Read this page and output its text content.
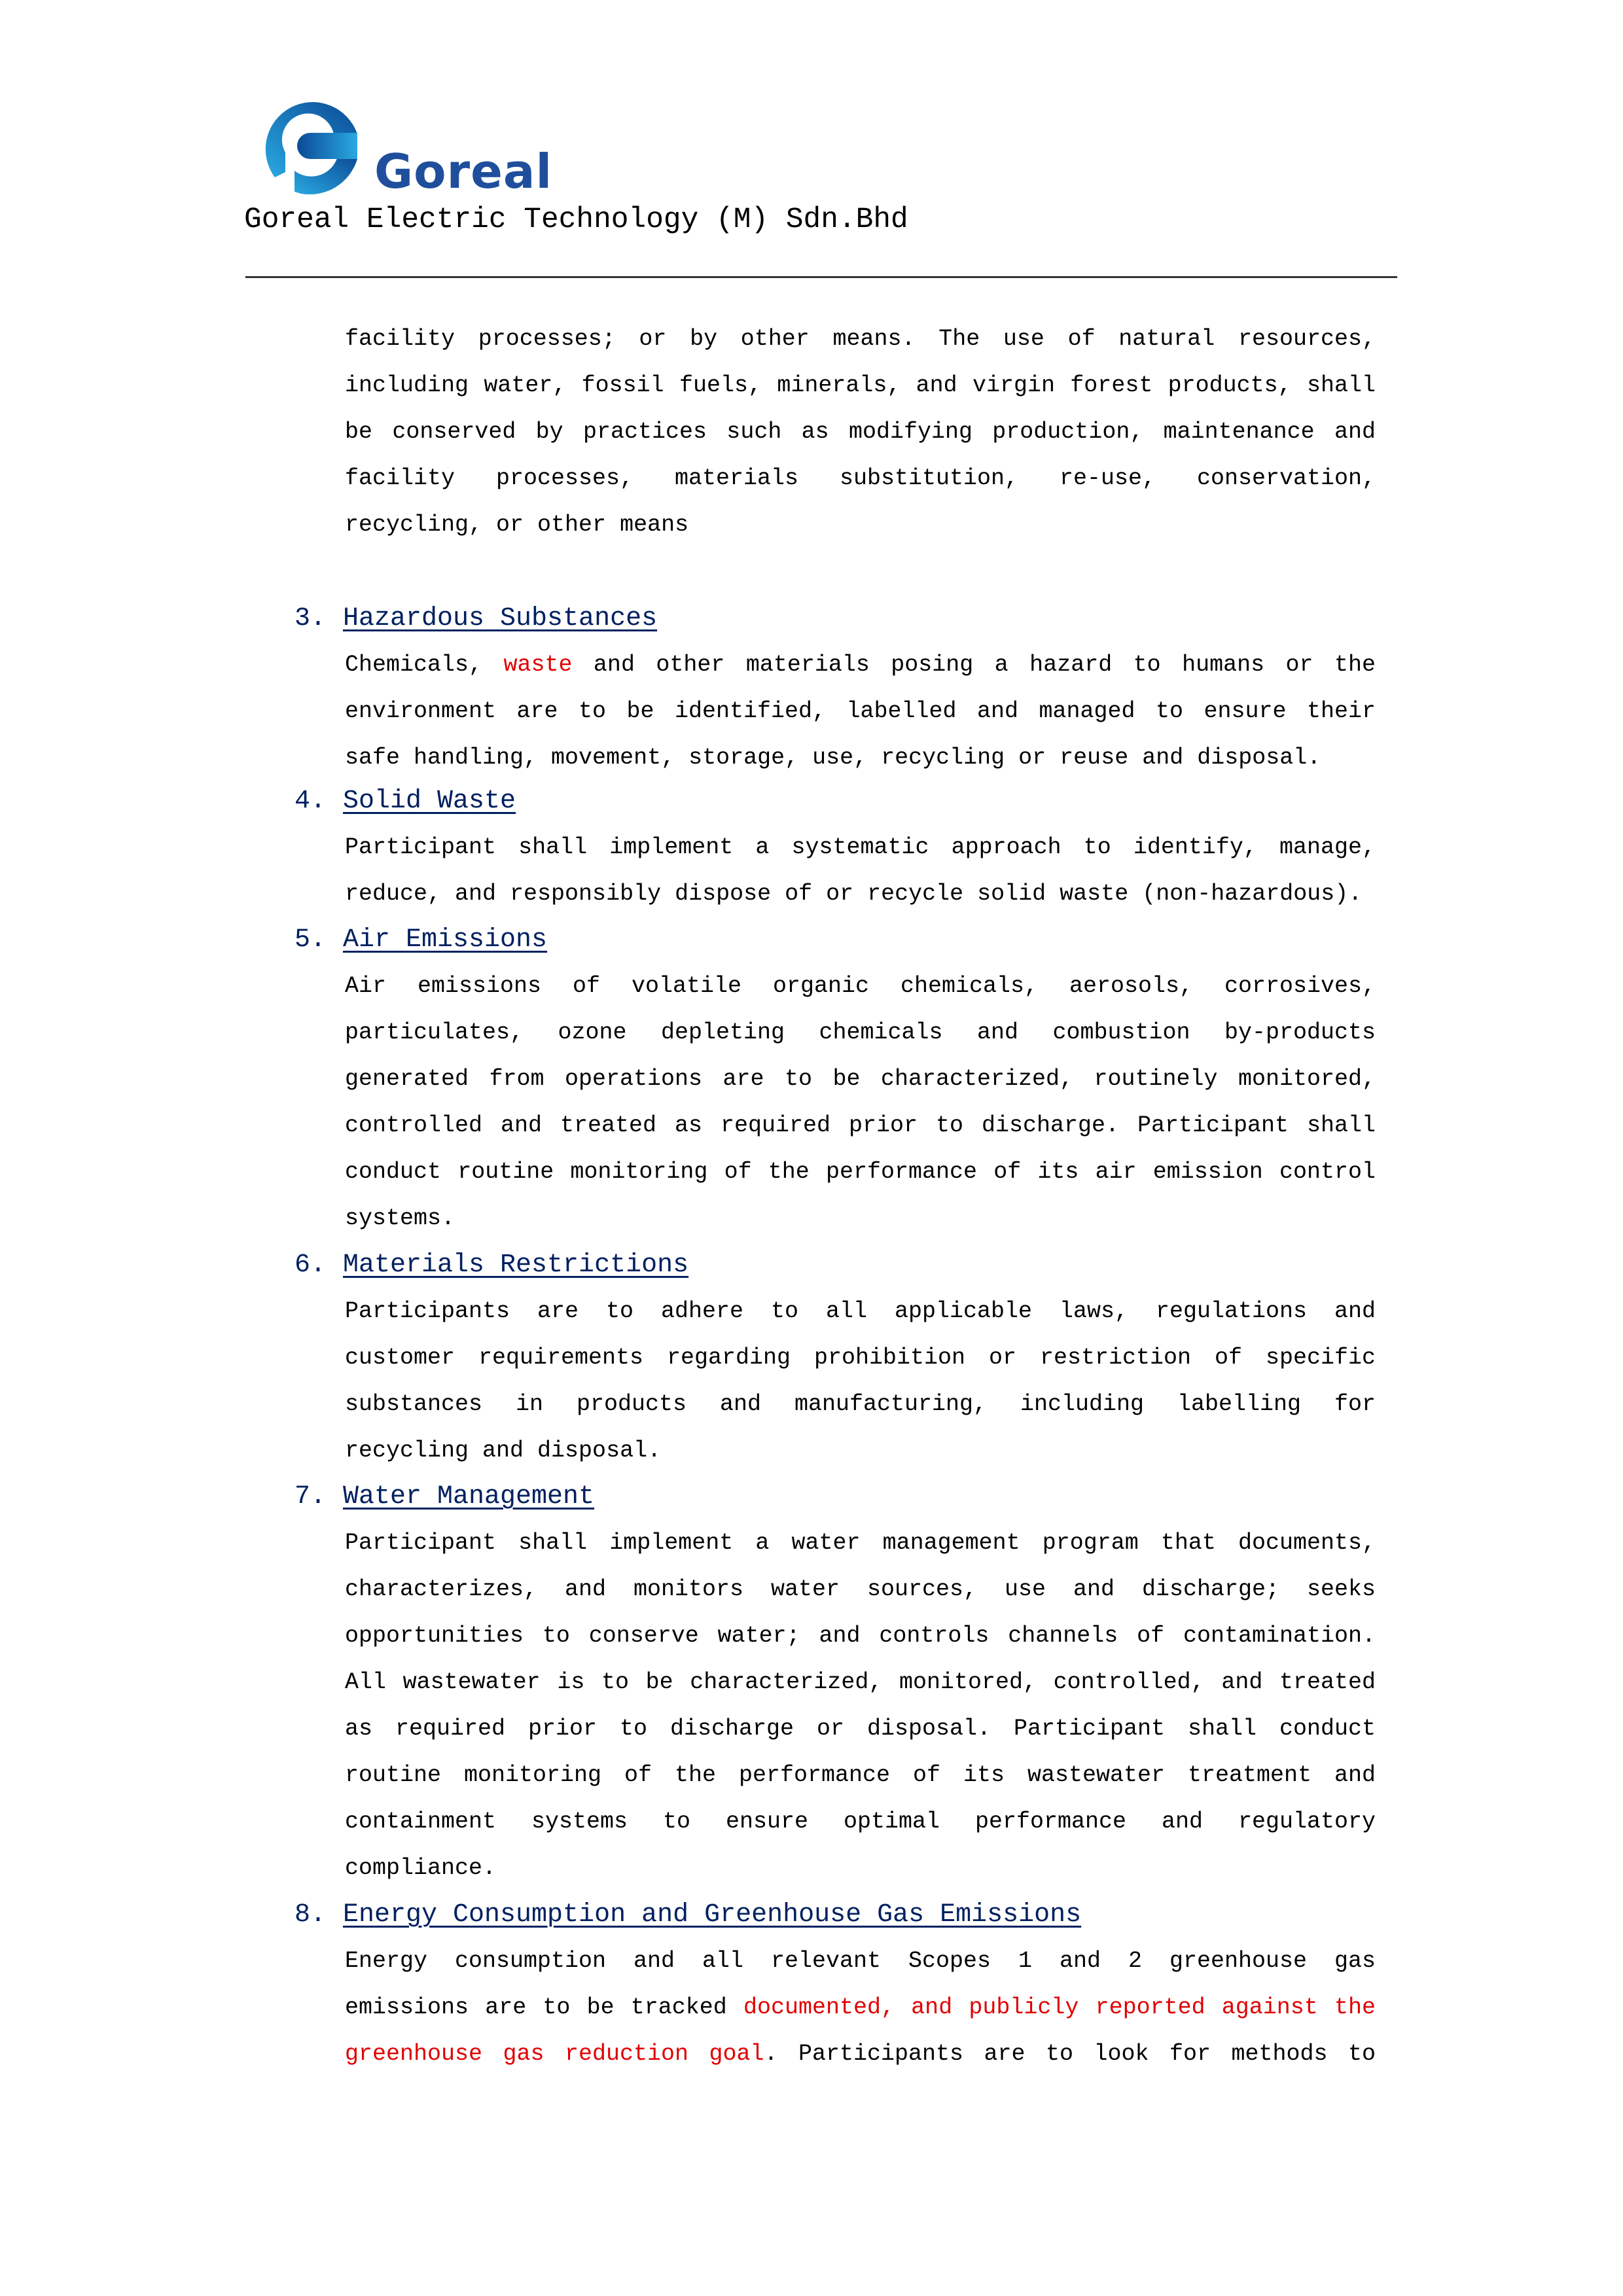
Goreal
Goreal Electric Technology (M) Sdn.Bhd
facility processes; or by other means. The use of natural resources,
including water, fossil fuels, minerals, and virgin forest products, shall
be conserved by practices such as modifying production, maintenance and
facility processes, materials substitution, re-use, conservation,
recycling, or other means
3. Hazardous Substances
Chemicals, waste and other materials posing a hazard to humans or the
environment are to be identified, labelled and managed to ensure their
safe handling, movement, storage, use, recycling or reuse and disposal.
4. Solid Waste
Participant shall implement a systematic approach to identify, manage,
reduce, and responsibly dispose of or recycle solid waste (non-hazardous).
5. Air Emissions
Air emissions of volatile organic chemicals, aerosols, corrosives,
particulates, ozone depleting chemicals and combustion by-products
generated from operations are to be characterized, routinely monitored,
controlled and treated as required prior to discharge. Participant shall
conduct routine monitoring of the performance of its air emission control
systems.
6. Materials Restrictions
Participants are to adhere to all applicable laws, regulations and
customer requirements regarding prohibition or restriction of specific
substances in products and manufacturing, including labelling for
recycling and disposal.
7. Water Management
Participant shall implement a water management program that documents,
characterizes, and monitors water sources, use and discharge; seeks
opportunities to conserve water; and controls channels of contamination.
All wastewater is to be characterized, monitored, controlled, and treated
as required prior to discharge or disposal. Participant shall conduct
routine monitoring of the performance of its wastewater treatment and
containment systems to ensure optimal performance and regulatory
compliance.
8. Energy Consumption and Greenhouse Gas Emissions
Energy consumption and all relevant Scopes 1 and 2 greenhouse gas
emissions are to be tracked documented, and publicly reported against the
greenhouse gas reduction goal. Participants are to look for methods to
